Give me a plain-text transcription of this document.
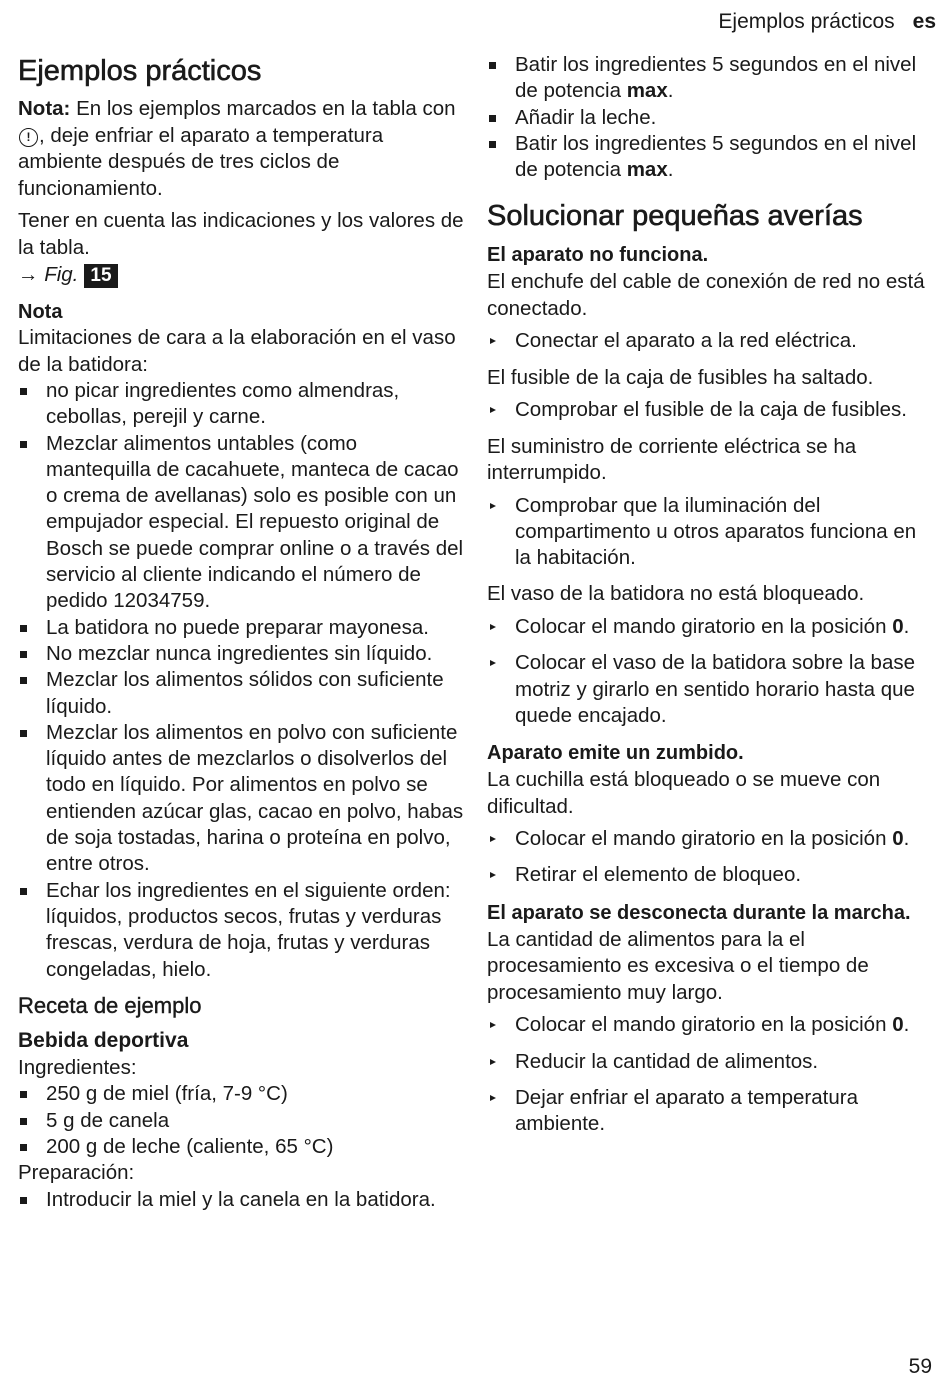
Ejemplos prácticos es
Ejemplos prácticos

Nota: En los ejemplos marcados en la tabla con ! , deje enfriar el aparato a temperatura ambiente después de tres ciclos de funcionamiento.

Tener en cuenta las indicaciones y los valores de la tabla.

→ Fig. 15
Nota

Limitaciones de cara a la elaboración en el vaso de la batidora:

no picar ingredientes como almendras, cebollas, perejil y carne.
Mezclar alimentos untables (como mantequilla de cacahuete, manteca de cacao o crema de avellanas) solo es posible con un empujador especial. El repuesto original de Bosch se puede comprar online o a través del servicio al cliente indicando el número de pedido 12034759.
La batidora no puede preparar mayonesa.
No mezclar nunca ingredientes sin líquido.
Mezclar los alimentos sólidos con suficiente líquido.
Mezclar los alimentos en polvo con suficiente líquido antes de mezclarlos o disolverlos del todo en líquido. Por alimentos en polvo se entienden azúcar glas, cacao en polvo, habas de soja tostadas, harina o proteína en polvo, entre otros.
Echar los ingredientes en el siguiente orden: líquidos, productos secos, frutas y verduras frescas, verdura de hoja, frutas y verduras congeladas, hielo.
Receta de ejemplo
Bebida deportiva

Ingredientes:

250 g de miel (fría, 7-9 °C)
5 g de canela
200 g de leche (caliente, 65 °C)

Preparación:

Introducir la miel y la canela en la batidora.
Batir los ingredientes 5 segundos en el nivel de potencia max.
Añadir la leche.
Batir los ingredientes 5 segundos en el nivel de potencia max.
Solucionar pequeñas averías
El aparato no funciona.

El enchufe del cable de conexión de red no está conectado.

Conectar el aparato a la red eléctrica.

El fusible de la caja de fusibles ha saltado.

Comprobar el fusible de la caja de fusibles.

El suministro de corriente eléctrica se ha interrumpido.

Comprobar que la iluminación del compartimento u otros aparatos funciona en la habitación.

El vaso de la batidora no está bloqueado.

Colocar el mando giratorio en la posición 0.
Colocar el vaso de la batidora sobre la base motriz y girarlo en sentido horario hasta que quede encajado.
Aparato emite un zumbido.

La cuchilla está bloqueado o se mueve con dificultad.

Colocar el mando giratorio en la posición 0.
Retirar el elemento de bloqueo.
El aparato se desconecta durante la marcha.

La cantidad de alimentos para la el procesamiento es excesiva o el tiempo de procesamiento muy largo.

Colocar el mando giratorio en la posición 0.
Reducir la cantidad de alimentos.
Dejar enfriar el aparato a temperatura ambiente.
59
